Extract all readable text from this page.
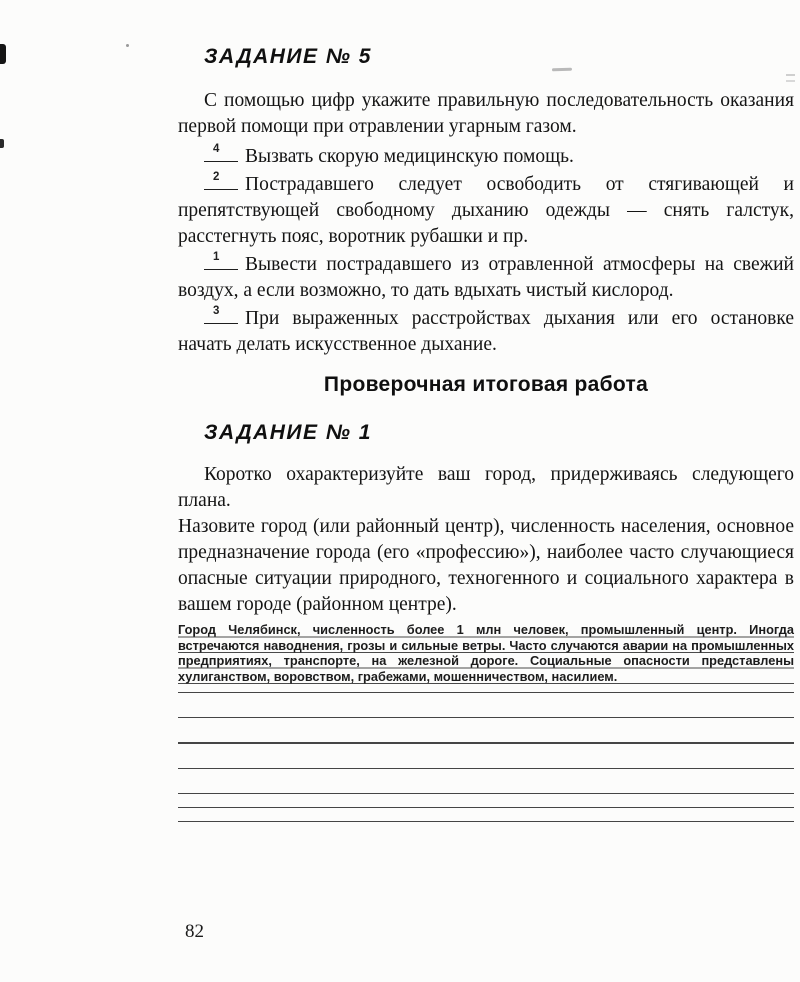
ЗАДАНИЕ № 5

С помощью цифр укажите правильную последовательность оказания первой помощи при отравлении угарным газом.

4 Вызвать скорую медицинскую помощь.

2 Пострадавшего следует освободить от стягивающей и препятствующей свободному дыханию одежды — снять галстук, расстегнуть пояс, воротник рубашки и пр.

1 Вывести пострадавшего из отравленной атмосферы на свежий воздух, а если возможно, то дать вдыхать чистый кислород.

3 При выраженных расстройствах дыхания или его остановке начать делать искусственное дыхание.

Проверочная итоговая работа
ЗАДАНИЕ № 1

Коротко охарактеризуйте ваш город, придерживаясь следующего плана.

Назовите город (или районный центр), численность населения, основное предназначение города (его «профессию»), наиболее часто случающиеся опасные ситуации природного, техногенного и социального характера в вашем городе (районном центре).

Город Челябинск, численность более 1 млн человек, промышленный центр. Иногда встречаются наводнения, грозы и сильные ветры. Часто случаются аварии на промышленных предприятиях, транспорте, на железной дороге. Социальные опасности представлены хулиганством, воровством, грабежами, мошенничеством, насилием.
82
